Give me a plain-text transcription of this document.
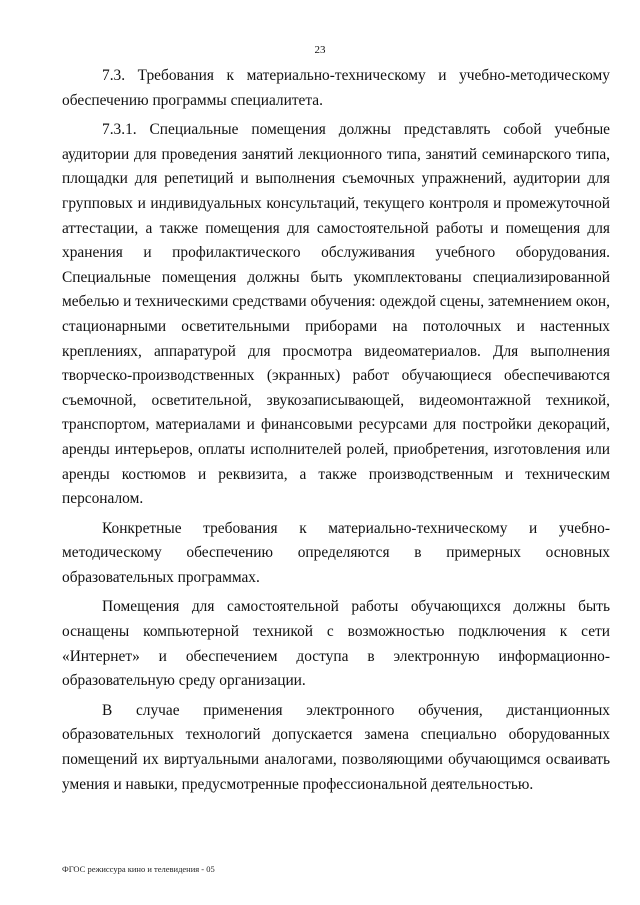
23

7.3. Требования к материально-техническому и учебно-методическому обеспечению программы специалитета.

7.3.1. Специальные помещения должны представлять собой учебные аудитории для проведения занятий лекционного типа, занятий семинарского типа, площадки для репетиций и выполнения съемочных упражнений, аудитории для групповых и индивидуальных консультаций, текущего контроля и промежуточной аттестации, а также помещения для самостоятельной работы и помещения для хранения и профилактического обслуживания учебного оборудования. Специальные помещения должны быть укомплектованы специализированной мебелью и техническими средствами обучения: одеждой сцены, затемнением окон, стационарными осветительными приборами на потолочных и настенных креплениях, аппаратурой для просмотра видеоматериалов. Для выполнения творческо-производственных (экранных) работ обучающиеся обеспечиваются съемочной, осветительной, звукозаписывающей, видеомонтажной техникой, транспортом, материалами и финансовыми ресурсами для постройки декораций, аренды интерьеров, оплаты исполнителей ролей, приобретения, изготовления или аренды костюмов и реквизита, а также производственным и техническим персоналом.

Конкретные требования к материально-техническому и учебно-методическому обеспечению определяются в примерных основных образовательных программах.

Помещения для самостоятельной работы обучающихся должны быть оснащены компьютерной техникой с возможностью подключения к сети «Интернет» и обеспечением доступа в электронную информационно-образовательную среду организации.

В случае применения электронного обучения, дистанционных образовательных технологий допускается замена специально оборудованных помещений их виртуальными аналогами, позволяющими обучающимся осваивать умения и навыки, предусмотренные профессиональной деятельностью.

ФГОС режиссура кино и телевидения - 05
